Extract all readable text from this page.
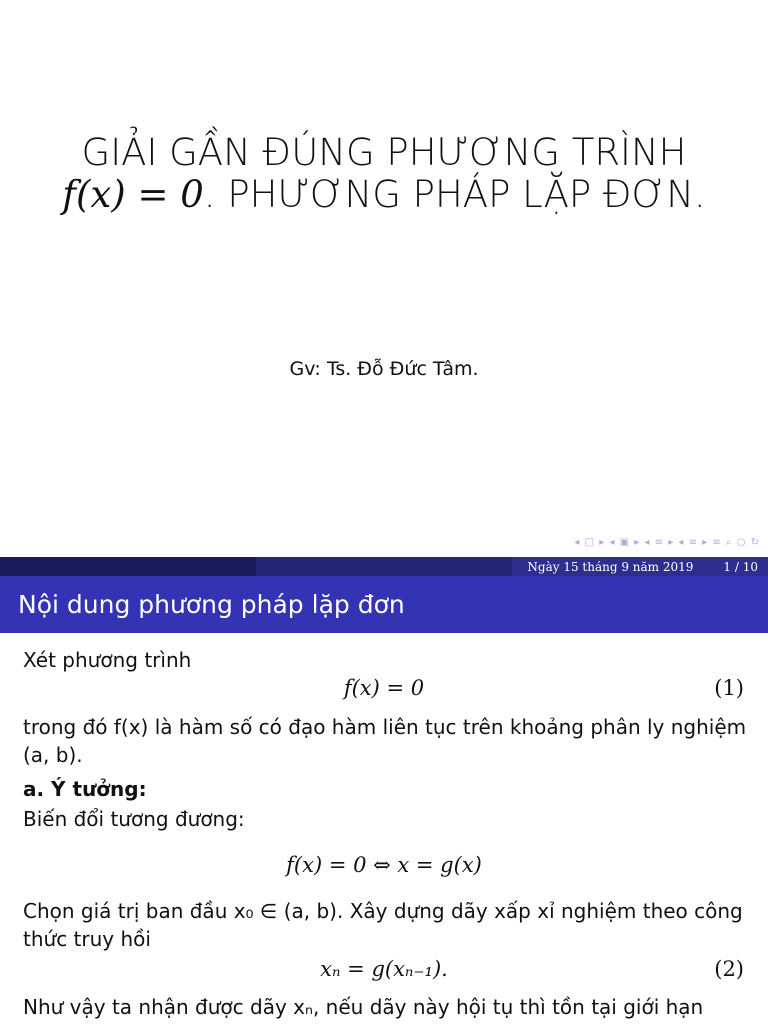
GIẢI GẦN ĐÚNG PHƯƠNG TRÌNH
f(x) = 0. PHƯƠNG PHÁP LẶP ĐƠN.
Gv: Ts. Đỗ Đức Tâm.
◂ □ ▸ ◂ ▣ ▸ ◂ ≡ ▸ ◂ ≡ ▸ ≡ ⌕ ○ ↻
Ngày 15 tháng 9 năm 2019	1 / 10
Nội dung phương pháp lặp đơn
Xét phương trình
f(x) = 0	(1)
trong đó f(x) là hàm số có đạo hàm liên tục trên khoảng phân ly nghiệm
(a, b).
a. Ý tưởng:
Biến đổi tương đương:
f(x) = 0 ⇔ x = g(x)
Chọn giá trị ban đầu x₀ ∈ (a, b). Xây dựng dãy xấp xỉ nghiệm theo công
thức truy hồi
xₙ = g(xₙ₋₁).	(2)
Như vậy ta nhận được dãy xₙ, nếu dãy này hội tụ thì tồn tại giới hạn
